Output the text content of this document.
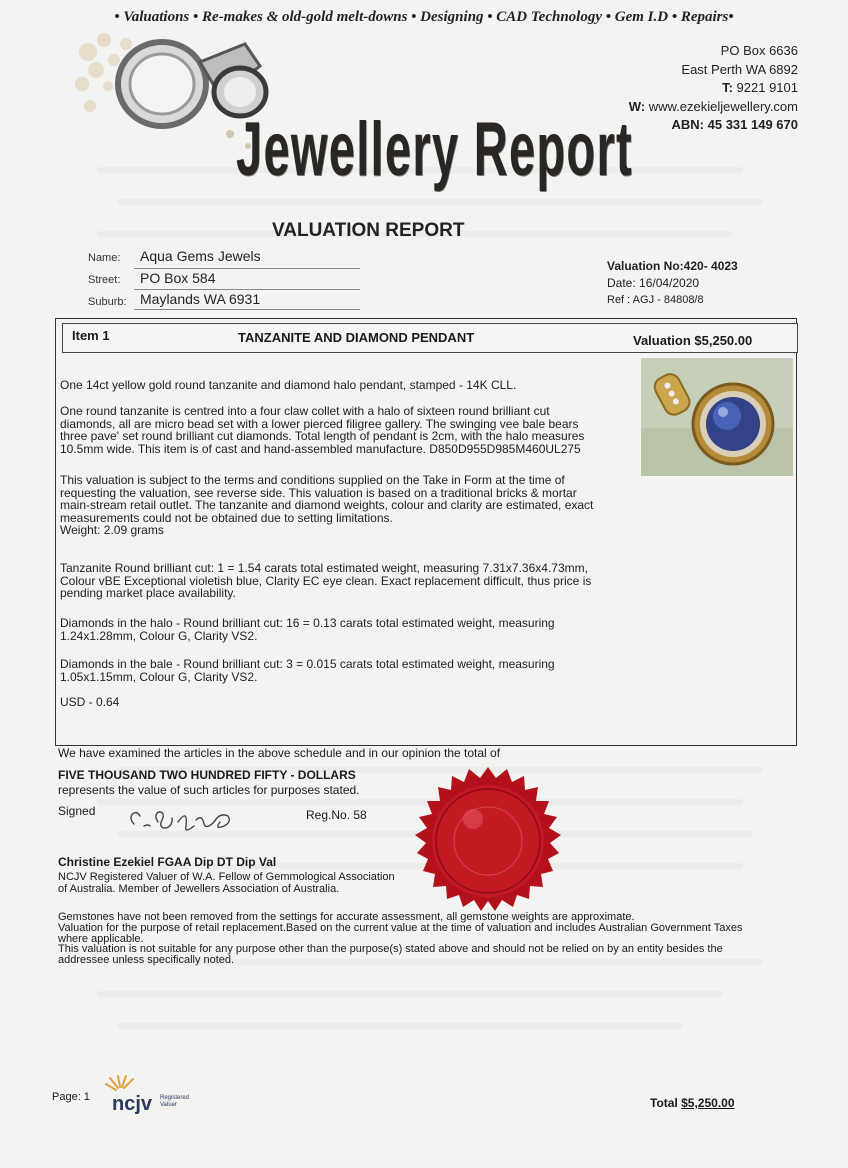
• Valuations • Re-makes & old-gold melt-downs • Designing • CAD Technology • Gem I.D • Repairs•
PO Box 6636
East Perth WA 6892
T: 9221 9101
W: www.ezekieljewellery.com
ABN: 45 331 149 670
Jewellery Report
VALUATION REPORT
Name:	Aqua Gems Jewels
Street:	PO Box 584
Suburb: Maylands WA 6931
Valuation No:420- 4023
Date: 16/04/2020
Ref : AGJ - 84808/8
Item 1	TANZANITE AND DIAMOND PENDANT	Valuation $5,250.00
One 14ct yellow gold round tanzanite and diamond halo pendant, stamped - 14K CLL.
One round tanzanite is centred into a four claw collet with a halo of sixteen round brilliant cut
diamonds, all are micro bead set with a lower pierced filigree gallery. The swinging vee bale bears
three pave' set round brilliant cut diamonds. Total length of pendant is 2cm, with the halo measures
10.5mm wide. This item is of cast and hand-assembled manufacture. D850D955D985M460UL275
This valuation is subject to the terms and conditions supplied on the Take in Form at the time of
requesting the valuation, see reverse side. This valuation is based on a traditional bricks & mortar
main-stream retail outlet. The tanzanite and diamond weights, colour and clarity are estimated, exact
measurements could not be obtained due to setting limitations.
Weight: 2.09 grams
Tanzanite Round brilliant cut: 1 = 1.54 carats total estimated weight, measuring 7.31x7.36x4.73mm,
Colour vBE Exceptional violetish blue, Clarity EC eye clean. Exact replacement difficult, thus price is
pending market place availability.
Diamonds in the halo - Round brilliant cut: 16 = 0.13 carats total estimated weight, measuring
1.24x1.28mm, Colour G, Clarity VS2.
Diamonds in the bale - Round brilliant cut: 3 = 0.015 carats total estimated weight, measuring
1.05x1.15mm, Colour G, Clarity VS2.
USD - 0.64
We have examined the articles in the above schedule and in our opinion the total of
FIVE THOUSAND TWO HUNDRED FIFTY - DOLLARS
represents the value of such articles for purposes stated.
Signed	Reg.No. 58
Christine Ezekiel FGAA Dip DT Dip Val
NCJV Registered Valuer of W.A. Fellow of Gemmological Association
of Australia. Member of Jewellers Association of Australia.
Gemstones have not been removed from the settings for accurate assessment, all gemstone weights are approximate.
Valuation for the purpose of retail replacement.Based on the current value at the time of valuation and includes Australian Government Taxes
where applicable.
This valuation is not suitable for any purpose other than the purpose(s) stated above and should not be relied on by an entity besides the
addressee unless specifically noted.
Page: 1 ncjv Registered
Valuer	Total $5,250.00
